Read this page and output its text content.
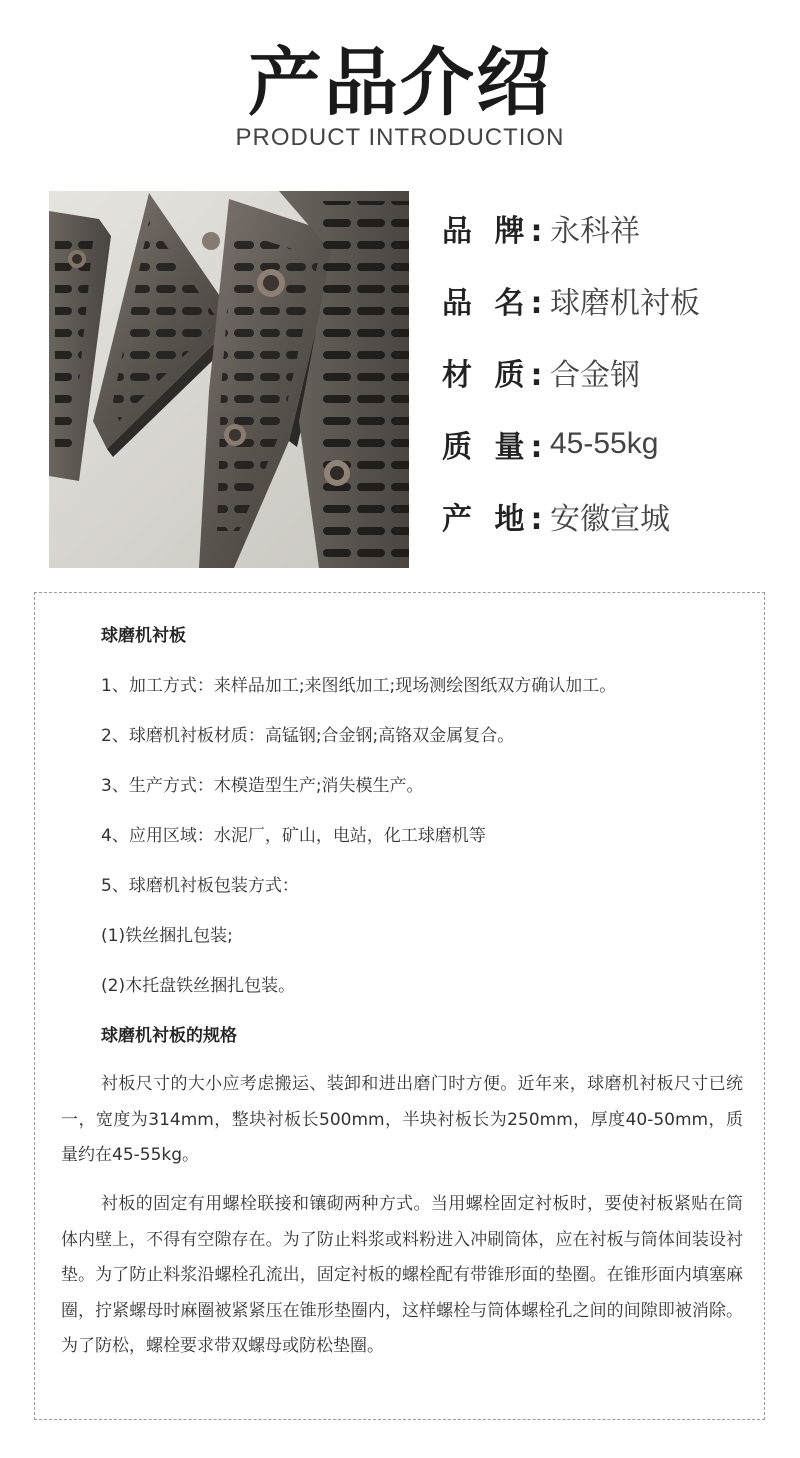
产品介绍
PRODUCT INTRODUCTION
品 牌: 永科祥
品 名: 球磨机衬板
材 质: 合金钢
质 量: 45-55kg
产 地: 安徽宣城
球磨机衬板
1、加工方式：来样品加工;来图纸加工;现场测绘图纸双方确认加工。
2、球磨机衬板材质：高锰钢;合金钢;高铬双金属复合。
3、生产方式：木模造型生产;消失模生产。
4、应用区域：水泥厂，矿山，电站，化工球磨机等
5、球磨机衬板包装方式：
(1)铁丝捆扎包装;
(2)木托盘铁丝捆扎包装。
球磨机衬板的规格
衬板尺寸的大小应考虑搬运、装卸和进出磨门时方便。近年来，球磨机衬板尺寸已统一，宽度为314mm，整块衬板长500mm，半块衬板长为250mm，厚度40-50mm，质量约在45-55kg。
衬板的固定有用螺栓联接和镶砌两种方式。当用螺栓固定衬板时，要使衬板紧贴在筒体内壁上，不得有空隙存在。为了防止料浆或料粉进入冲刷筒体，应在衬板与筒体间装设衬垫。为了防止料浆沿螺栓孔流出，固定衬板的螺栓配有带锥形面的垫圈。在锥形面内填塞麻圈，拧紧螺母时麻圈被紧紧压在锥形垫圈内，这样螺栓与筒体螺栓孔之间的间隙即被消除。为了防松，螺栓要求带双螺母或防松垫圈。
